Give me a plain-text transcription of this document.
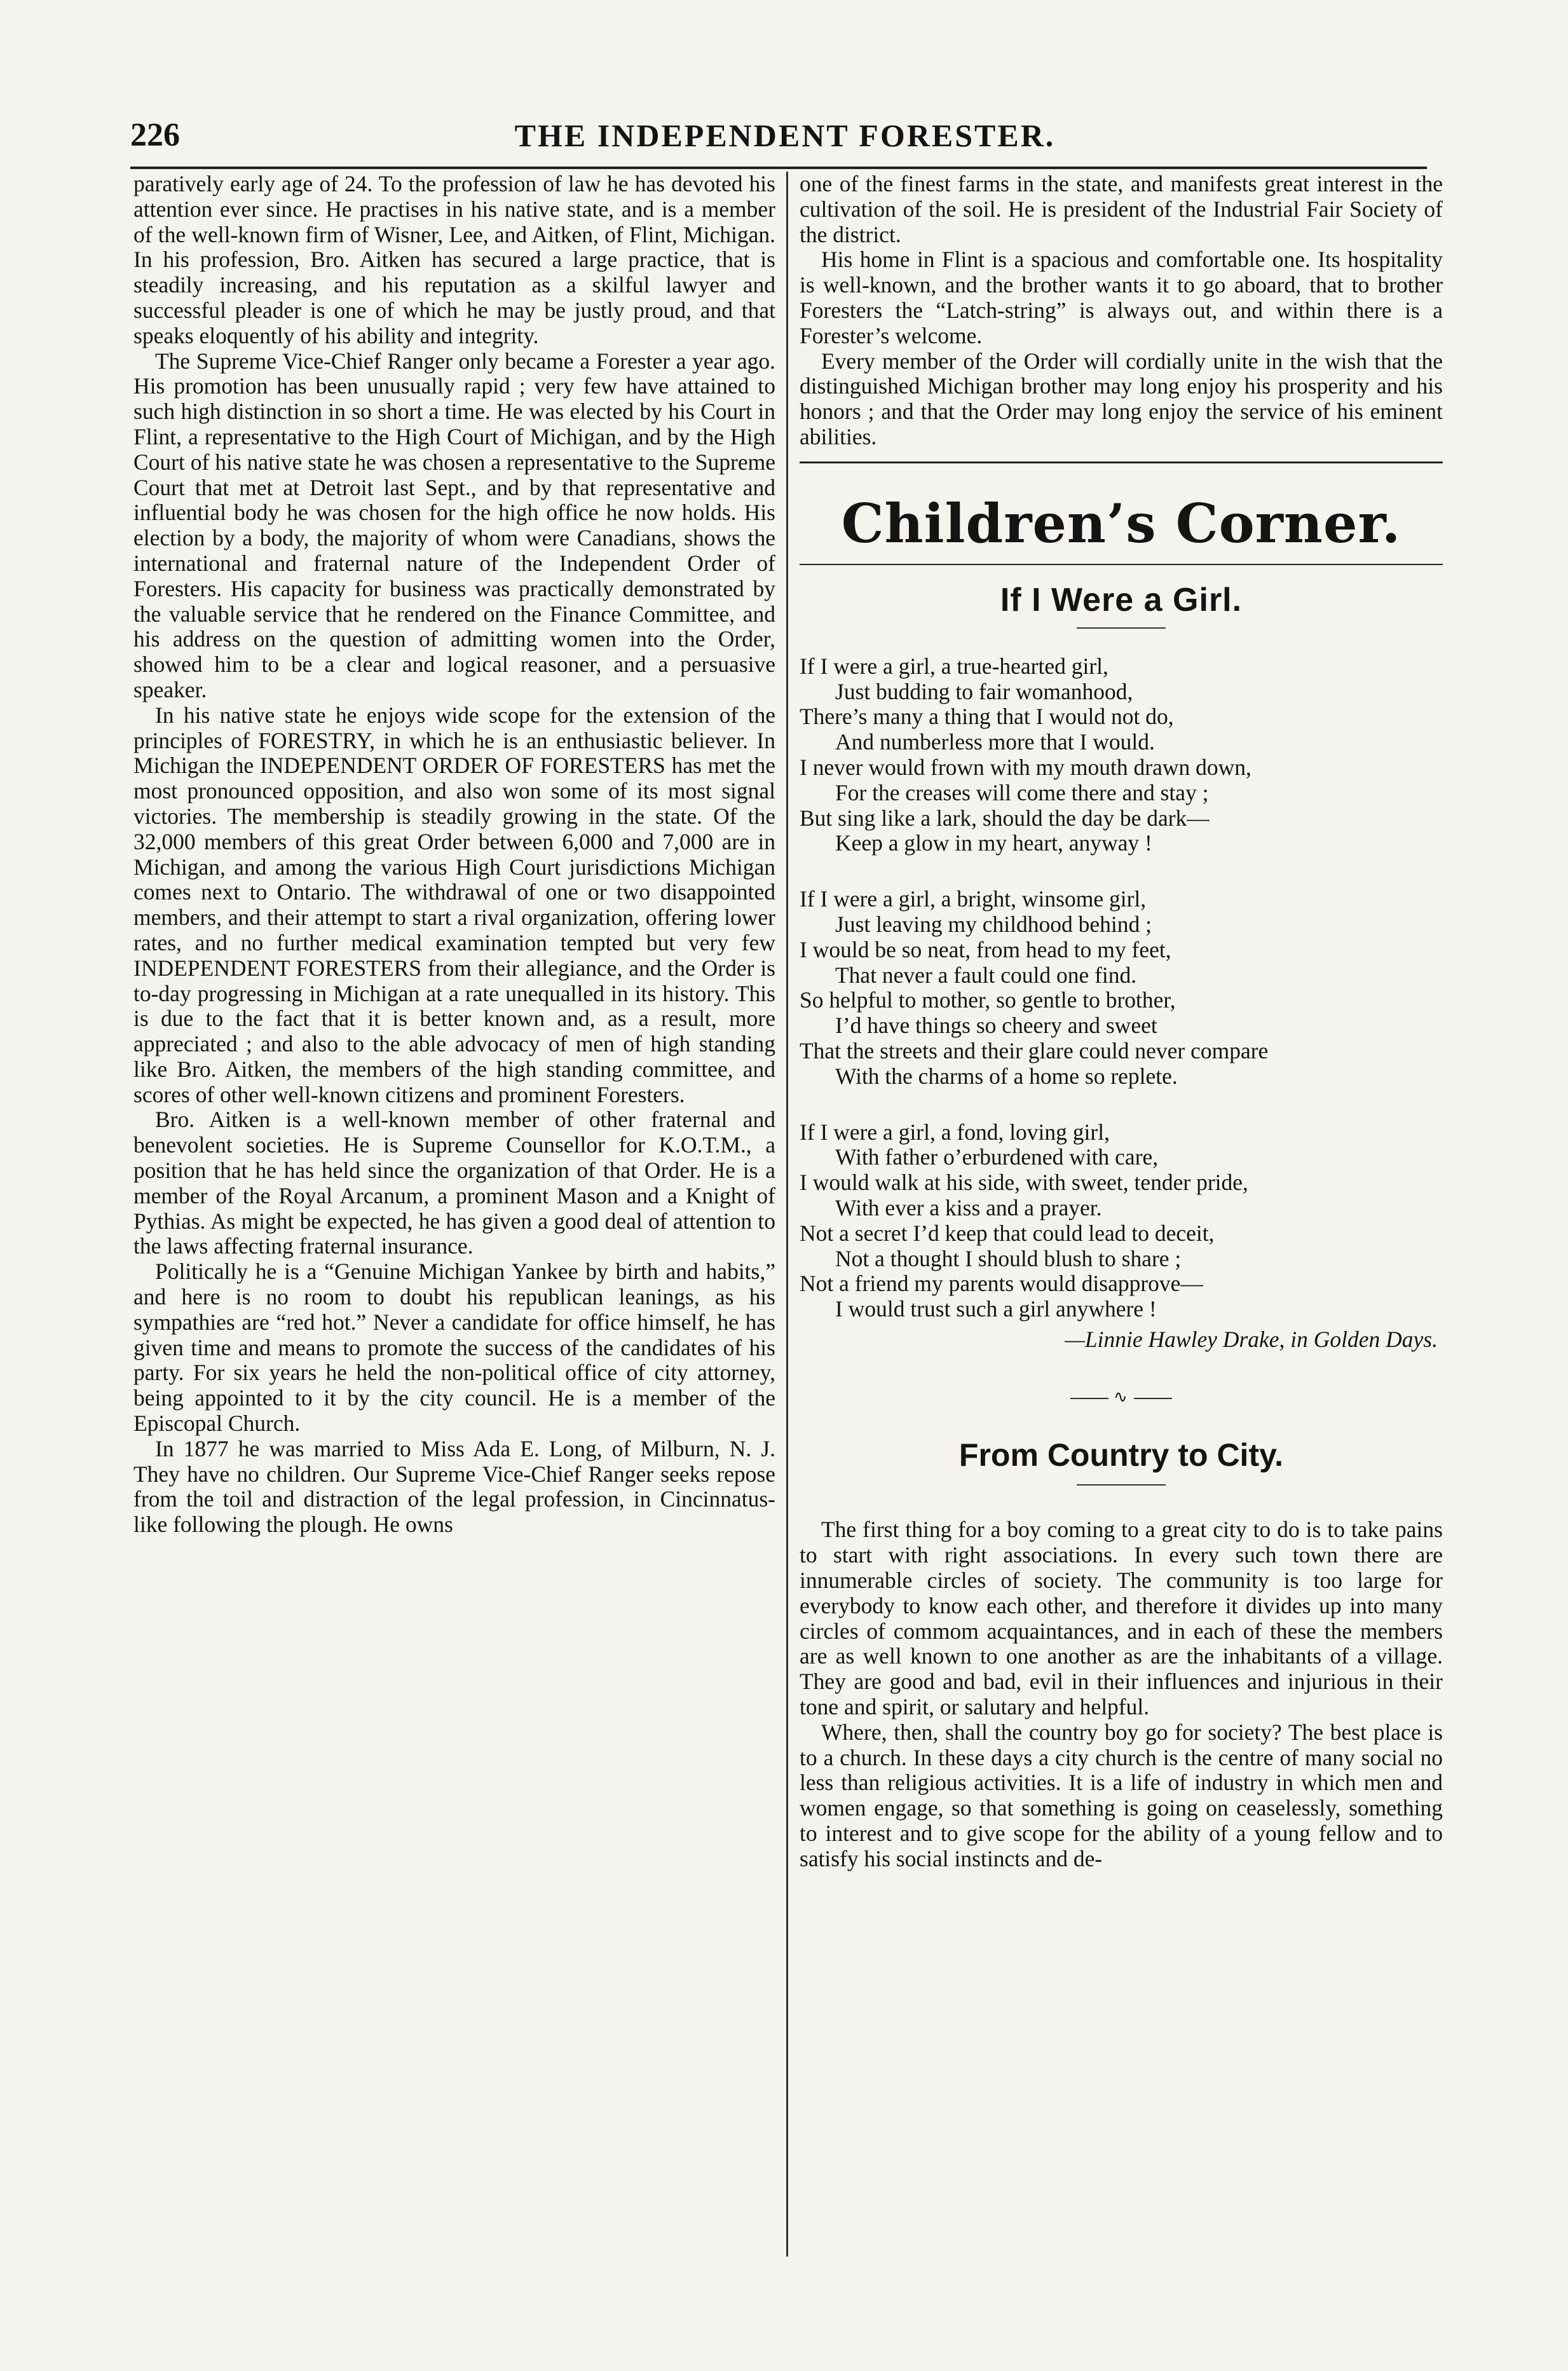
226	THE INDEPENDENT FORESTER.

paratively early age of 24. To the profession of law he has devoted his attention ever since. He practises in his native state, and is a member of the well-known firm of Wisner, Lee, and Aitken, of Flint, Michigan. In his profession, Bro. Aitken has secured a large practice, that is steadily increasing, and his reputation as a skilful lawyer and successful pleader is one of which he may be justly proud, and that speaks eloquently of his ability and integrity.

The Supreme Vice-Chief Ranger only became a Forester a year ago. His promotion has been unusually rapid ; very few have attained to such high distinction in so short a time. He was elected by his Court in Flint, a representative to the High Court of Michigan, and by the High Court of his native state he was chosen a representative to the Supreme Court that met at Detroit last Sept., and by that representative and influential body he was chosen for the high office he now holds. His election by a body, the majority of whom were Canadians, shows the international and fraternal nature of the Independent Order of Foresters. His capacity for business was practically demonstrated by the valuable service that he rendered on the Finance Committee, and his address on the question of admitting women into the Order, showed him to be a clear and logical reasoner, and a persuasive speaker.

In his native state he enjoys wide scope for the extension of the principles of FORESTRY, in which he is an enthusiastic believer. In Michigan the INDEPENDENT ORDER OF FORESTERS has met the most pronounced opposition, and also won some of its most signal victories. The membership is steadily growing in the state. Of the 32,000 members of this great Order between 6,000 and 7,000 are in Michigan, and among the various High Court jurisdictions Michigan comes next to Ontario. The withdrawal of one or two disappointed members, and their attempt to start a rival organization, offering lower rates, and no further medical examination tempted but very few INDEPENDENT FORESTERS from their allegiance, and the Order is to-day progressing in Michigan at a rate unequalled in its history. This is due to the fact that it is better known and, as a result, more appreciated ; and also to the able advocacy of men of high standing like Bro. Aitken, the members of the high standing committee, and scores of other well-known citizens and prominent Foresters.

Bro. Aitken is a well-known member of other fraternal and benevolent societies. He is Supreme Counsellor for K.O.T.M., a position that he has held since the organization of that Order. He is a member of the Royal Arcanum, a prominent Mason and a Knight of Pythias. As might be expected, he has given a good deal of attention to the laws affecting fraternal insurance.

Politically he is a “Genuine Michigan Yankee by birth and habits,” and here is no room to doubt his republican leanings, as his sympathies are “red hot.” Never a candidate for office himself, he has given time and means to promote the success of the candidates of his party. For six years he held the non-political office of city attorney, being appointed to it by the city council. He is a member of the Episcopal Church.

In 1877 he was married to Miss Ada E. Long, of Milburn, N. J. They have no children. Our Supreme Vice-Chief Ranger seeks repose from the toil and distraction of the legal profession, in Cincinnatus-like following the plough. He owns

one of the finest farms in the state, and manifests great interest in the cultivation of the soil. He is president of the Industrial Fair Society of the district.

His home in Flint is a spacious and comfortable one. Its hospitality is well-known, and the brother wants it to go aboard, that to brother Foresters the “Latch-string” is always out, and within there is a Forester’s welcome.

Every member of the Order will cordially unite in the wish that the distinguished Michigan brother may long enjoy his prosperity and his honors ; and that the Order may long enjoy the service of his eminent abilities.

Children’s Corner.
If I Were a Girl.
If I were a girl, a true-hearted girl,
Just budding to fair womanhood,
There’s many a thing that I would not do,
And numberless more that I would.
I never would frown with my mouth drawn down,
For the creases will come there and stay ;
But sing like a lark, should the day be dark—
Keep a glow in my heart, anyway !
If I were a girl, a bright, winsome girl,
Just leaving my childhood behind ;
I would be so neat, from head to my feet,
That never a fault could one find.
So helpful to mother, so gentle to brother,
I’d have things so cheery and sweet
That the streets and their glare could never compare
With the charms of a home so replete.
If I were a girl, a fond, loving girl,
With father o’erburdened with care,
I would walk at his side, with sweet, tender pride,
With ever a kiss and a prayer.
Not a secret I’d keep that could lead to deceit,
Not a thought I should blush to share ;
Not a friend my parents would disapprove—
I would trust such a girl anywhere !
—Linnie Hawley Drake, in Golden Days.
∿
From Country to City.

The first thing for a boy coming to a great city to do is to take pains to start with right associations. In every such town there are innumerable circles of society. The community is too large for everybody to know each other, and therefore it divides up into many circles of commom acquaintances, and in each of these the members are as well known to one another as are the inhabitants of a village. They are good and bad, evil in their influences and injurious in their tone and spirit, or salutary and helpful.

Where, then, shall the country boy go for society? The best place is to a church. In these days a city church is the centre of many social no less than religious activities. It is a life of industry in which men and women engage, so that something is going on ceaselessly, something to interest and to give scope for the ability of a young fellow and to satisfy his social instincts and de-
